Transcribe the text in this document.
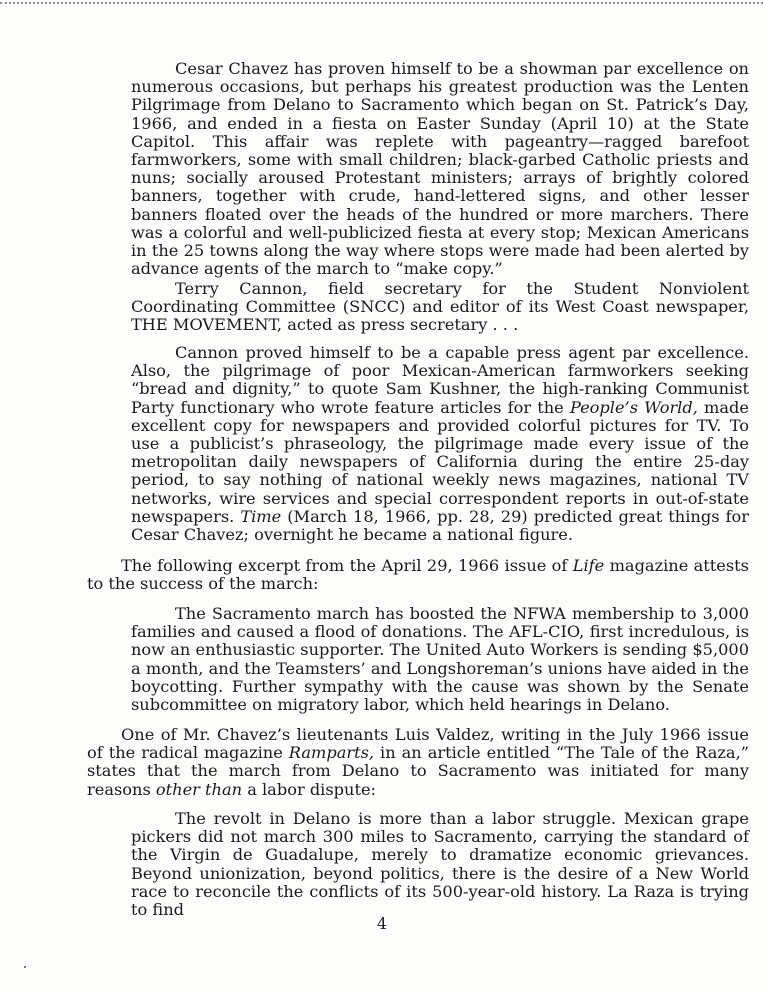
Cesar Chavez has proven himself to be a showman par excellence on numerous occasions, but perhaps his greatest production was the Lenten Pilgrimage from Delano to Sacramento which began on St. Patrick’s Day, 1966, and ended in a fiesta on Easter Sunday (April 10) at the State Capitol. This affair was replete with pageantry—ragged barefoot farmworkers, some with small children; black-garbed Catholic priests and nuns; socially aroused Protestant ministers; arrays of brightly colored banners, together with crude, hand-lettered signs, and other lesser banners floated over the heads of the hundred or more marchers. There was a colorful and well-publicized fiesta at every stop; Mexican Americans in the 25 towns along the way where stops were made had been alerted by advance agents of the march to “make copy.”

Terry Cannon, field secretary for the Student Nonviolent Coordinating Committee (SNCC) and editor of its West Coast newspaper, THE MOVEMENT, acted as press secretary . . .

Cannon proved himself to be a capable press agent par excellence. Also, the pilgrimage of poor Mexican-American farmworkers seeking “bread and dignity,” to quote Sam Kushner, the high-ranking Communist Party functionary who wrote feature articles for the People’s World, made excellent copy for newspapers and provided colorful pictures for TV. To use a publicist’s phraseology, the pilgrimage made every issue of the metropolitan daily newspapers of California during the entire 25-day period, to say nothing of national weekly news magazines, national TV networks, wire services and special correspondent reports in out-of-state newspapers. Time (March 18, 1966, pp. 28, 29) predicted great things for Cesar Chavez; overnight he became a national figure.

The following excerpt from the April 29, 1966 issue of Life magazine attests to the success of the march:

The Sacramento march has boosted the NFWA membership to 3,000 families and caused a flood of donations. The AFL-CIO, first incredulous, is now an enthusiastic supporter. The United Auto Workers is sending $5,000 a month, and the Teamsters’ and Longshoreman’s unions have aided in the boycotting. Further sympathy with the cause was shown by the Senate subcommittee on migratory labor, which held hearings in Delano.

One of Mr. Chavez’s lieutenants Luis Valdez, writing in the July 1966 issue of the radical magazine Ramparts, in an article entitled “The Tale of the Raza,” states that the march from Delano to Sacramento was initiated for many reasons other than a labor dispute:

The revolt in Delano is more than a labor struggle. Mexican grape pickers did not march 300 miles to Sacramento, carrying the standard of the Virgin de Guadalupe, merely to dramatize economic grievances. Beyond unionization, beyond politics, there is the desire of a New World race to reconcile the conflicts of its 500-year-old history. La Raza is trying to find

4
